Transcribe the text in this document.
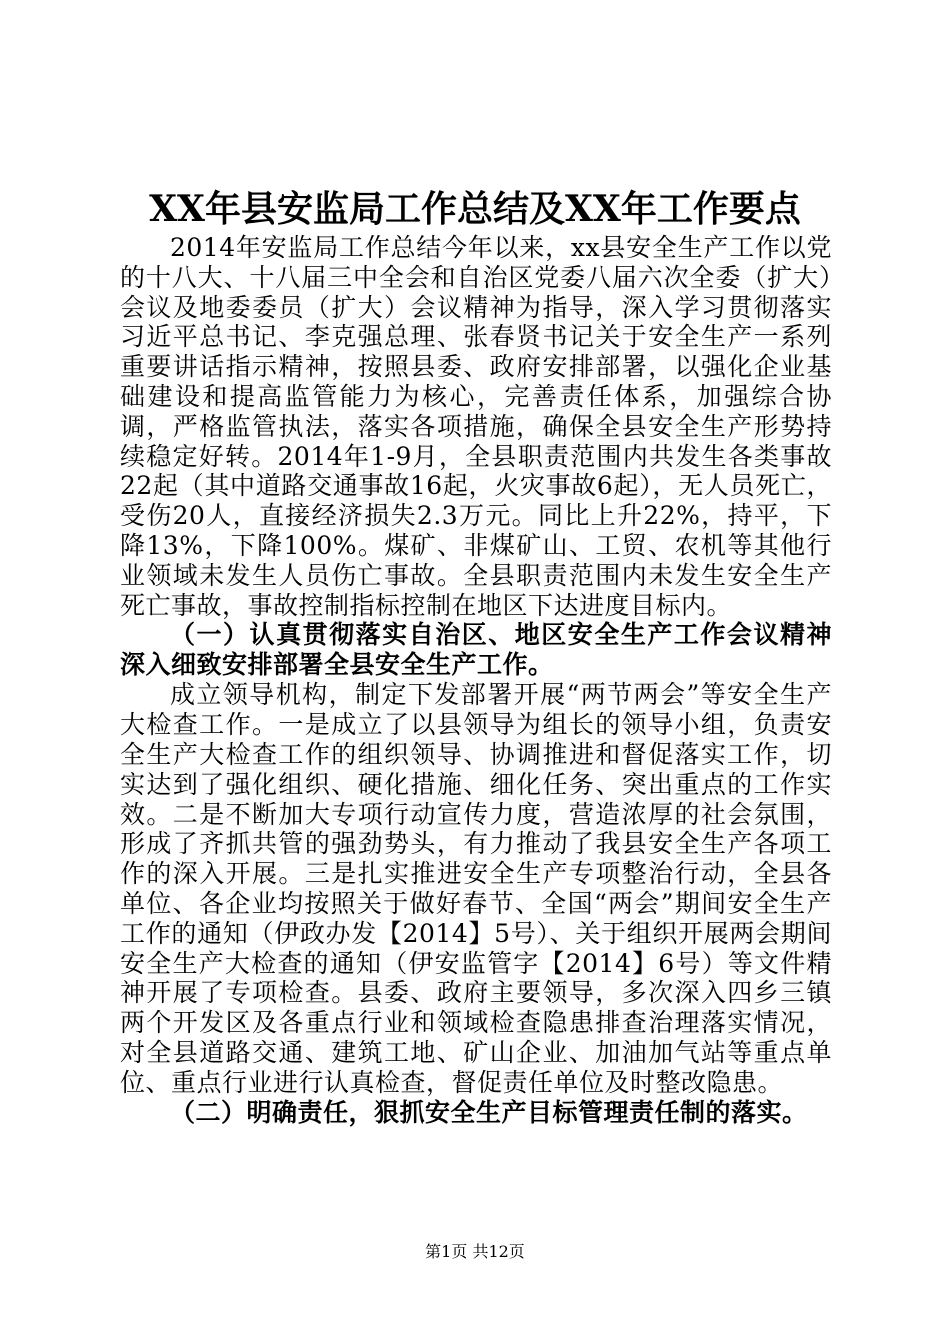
XX年县安监局工作总结及XX年工作要点

2014年安监局工作总结今年以来，xx县安全生产工作以党的十八大、十八届三中全会和自治区党委八届六次全委（扩大）会议及地委委员（扩大）会议精神为指导，深入学习贯彻落实习近平总书记、李克强总理、张春贤书记关于安全生产一系列重要讲话指示精神，按照县委、政府安排部署，以强化企业基础建设和提高监管能力为核心，完善责任体系，加强综合协调，严格监管执法，落实各项措施，确保全县安全生产形势持续稳定好转。2014年1-9月，全县职责范围内共发生各类事故22起（其中道路交通事故16起，火灾事故6起），无人员死亡，受伤20人，直接经济损失2.3万元。同比上升22%，持平，下降13%，下降100%。煤矿、非煤矿山、工贸、农机等其他行业领域未发生人员伤亡事故。全县职责范围内未发生安全生产死亡事故，事故控制指标控制在地区下达进度目标内。

（一）认真贯彻落实自治区、地区安全生产工作会议精神深入细致安排部署全县安全生产工作。

成立领导机构，制定下发部署开展“两节两会”等安全生产大检查工作。一是成立了以县领导为组长的领导小组，负责安全生产大检查工作的组织领导、协调推进和督促落实工作，切实达到了强化组织、硬化措施、细化任务、突出重点的工作实效。二是不断加大专项行动宣传力度，营造浓厚的社会氛围，形成了齐抓共管的强劲势头，有力推动了我县安全生产各项工作的深入开展。三是扎实推进安全生产专项整治行动，全县各单位、各企业均按照关于做好春节、全国“两会”期间安全生产工作的通知（伊政办发【2014】5号）、关于组织开展两会期间安全生产大检查的通知（伊安监管字【2014】6号）等文件精神开展了专项检查。县委、政府主要领导，多次深入四乡三镇两个开发区及各重点行业和领域检查隐患排查治理落实情况，对全县道路交通、建筑工地、矿山企业、加油加气站等重点单位、重点行业进行认真检查，督促责任单位及时整改隐患。

（二）明确责任，狠抓安全生产目标管理责任制的落实。

第1页 共12页
